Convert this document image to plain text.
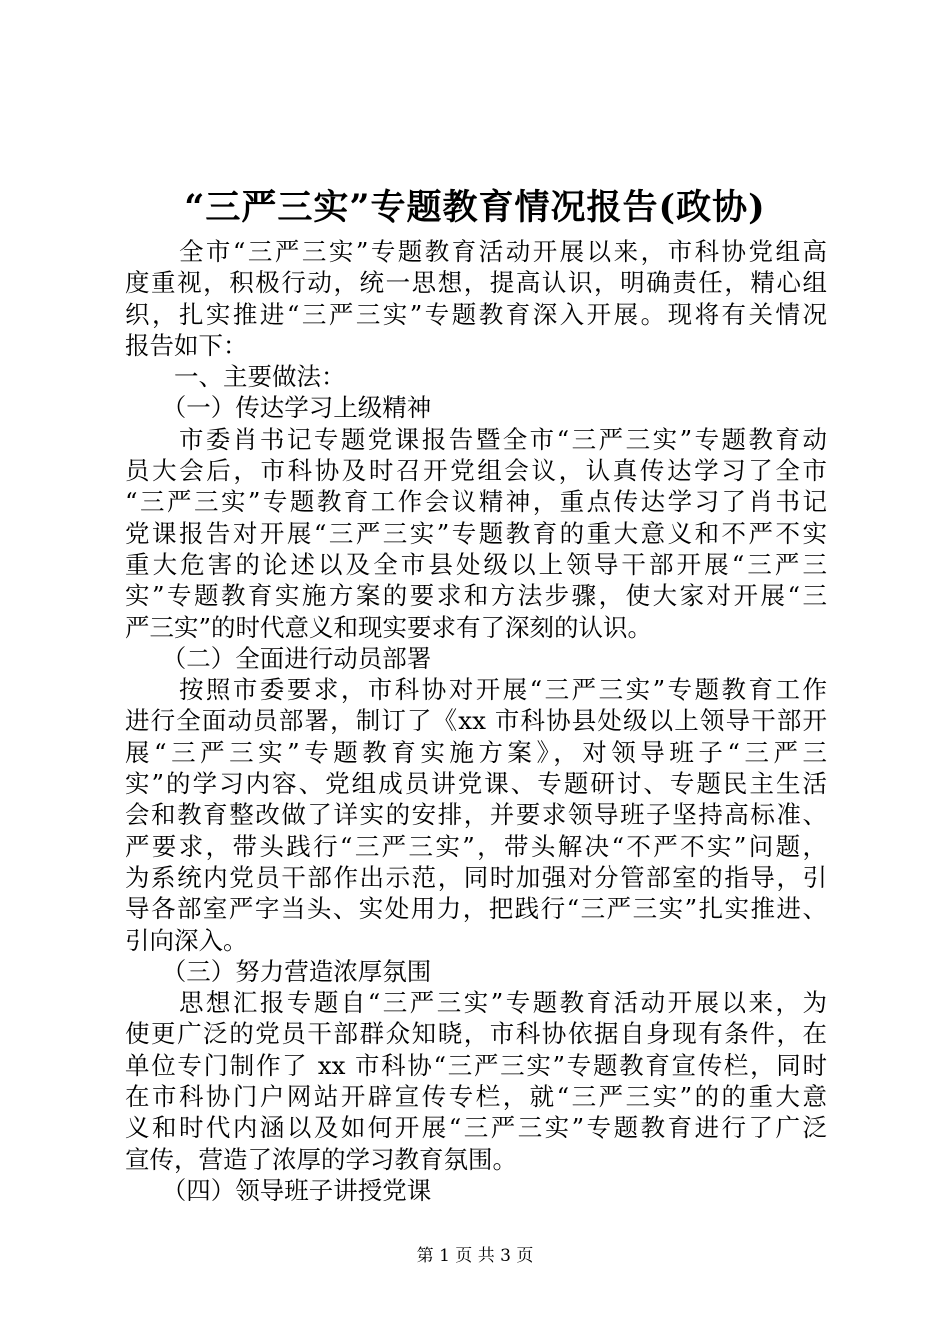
“三严三实”专题教育情况报告(政协)
　　全市“三严三实”专题教育活动开展以来，市科协党组高
度重视，积极行动，统一思想，提高认识，明确责任，精心组
织，扎实推进“三严三实”专题教育深入开展。现将有关情况
报告如下：
　　一、主要做法：
　　（一）传达学习上级精神
　　市委肖书记专题党课报告暨全市“三严三实”专题教育动
员大会后，市科协及时召开党组会议，认真传达学习了全市
“三严三实”专题教育工作会议精神，重点传达学习了肖书记
党课报告对开展“三严三实”专题教育的重大意义和不严不实
重大危害的论述以及全市县处级以上领导干部开展“三严三
实”专题教育实施方案的要求和方法步骤，使大家对开展“三
严三实”的时代意义和现实要求有了深刻的认识。
　　（二）全面进行动员部署
　　按照市委要求，市科协对开展“三严三实”专题教育工作
进行全面动员部署，制订了《xx 市科协县处级以上领导干部开
展“三严三实”专题教育实施方案》，对领导班子“三严三
实”的学习内容、党组成员讲党课、专题研讨、专题民主生活
会和教育整改做了详实的安排，并要求领导班子坚持高标准、
严要求，带头践行“三严三实”，带头解决“不严不实”问题，
为系统内党员干部作出示范，同时加强对分管部室的指导，引
导各部室严字当头、实处用力，把践行“三严三实”扎实推进、
引向深入。
　　（三）努力营造浓厚氛围
　　思想汇报专题自“三严三实”专题教育活动开展以来，为
使更广泛的党员干部群众知晓，市科协依据自身现有条件，在
单位专门制作了 xx 市科协“三严三实”专题教育宣传栏，同时
在市科协门户网站开辟宣传专栏，就“三严三实”的的重大意
义和时代内涵以及如何开展“三严三实”专题教育进行了广泛
宣传，营造了浓厚的学习教育氛围。
　　（四）领导班子讲授党课
第 1 页 共 3 页
